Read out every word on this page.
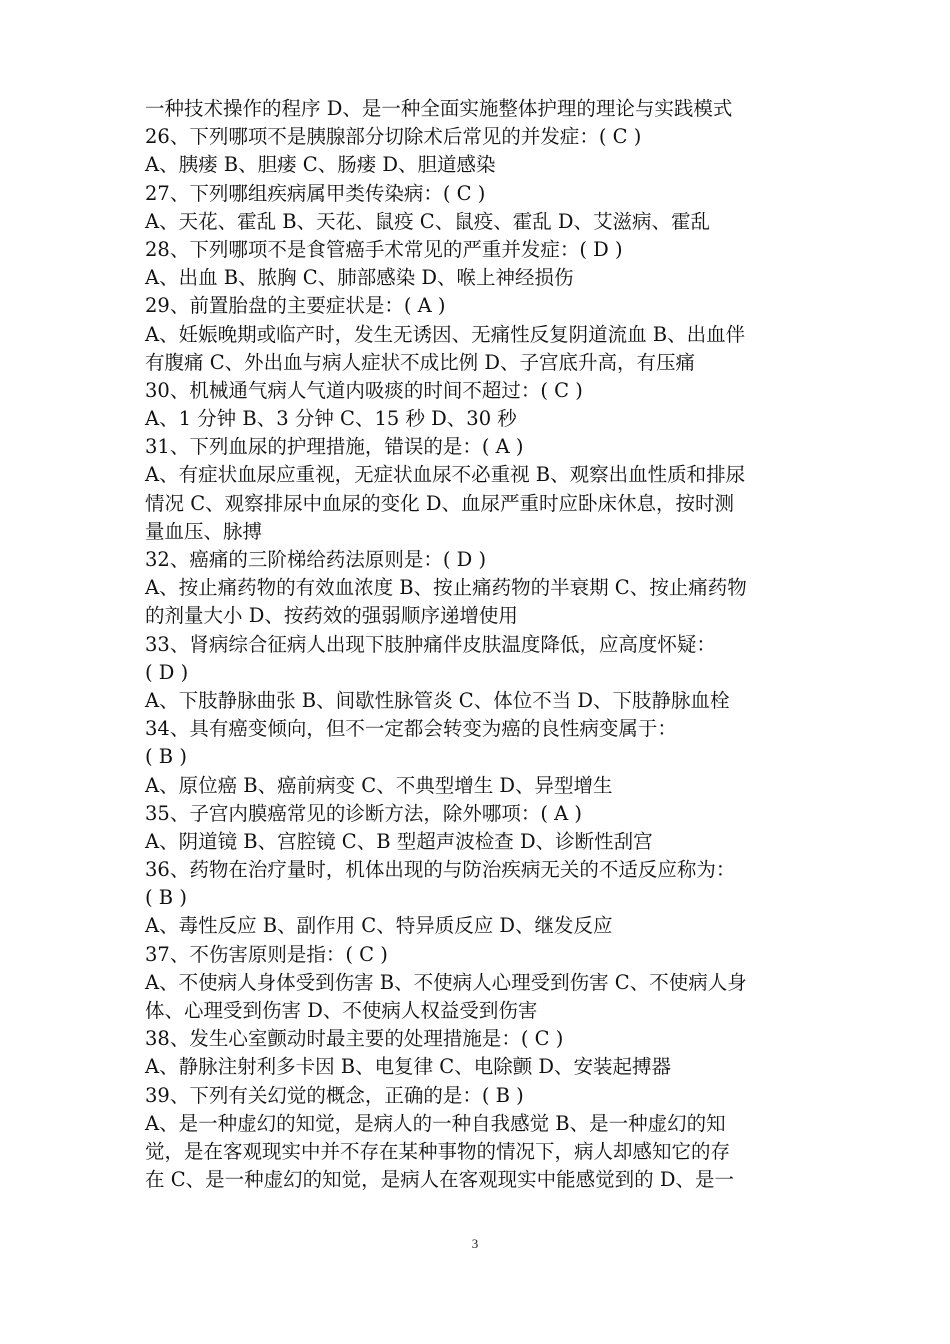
一种技术操作的程序 D、是一种全面实施整体护理的理论与实践模式
26、下列哪项不是胰腺部分切除术后常见的并发症：( C )
A、胰瘘 B、胆瘘 C、肠瘘 D、胆道感染
27、下列哪组疾病属甲类传染病：( C )
A、天花、霍乱 B、天花、鼠疫 C、鼠疫、霍乱 D、艾滋病、霍乱
28、下列哪项不是食管癌手术常见的严重并发症：( D )
A、出血 B、脓胸 C、肺部感染 D、喉上神经损伤
29、前置胎盘的主要症状是：( A )
A、妊娠晚期或临产时，发生无诱因、无痛性反复阴道流血 B、出血伴
有腹痛 C、外出血与病人症状不成比例 D、子宫底升高，有压痛
30、机械通气病人气道内吸痰的时间不超过：( C )
A、1 分钟 B、3 分钟 C、15 秒 D、30 秒
31、下列血尿的护理措施，错误的是：( A )
A、有症状血尿应重视，无症状血尿不必重视 B、观察出血性质和排尿
情况 C、观察排尿中血尿的变化 D、血尿严重时应卧床休息，按时测
量血压、脉搏
32、癌痛的三阶梯给药法原则是：( D )
A、按止痛药物的有效血浓度 B、按止痛药物的半衰期 C、按止痛药物
的剂量大小 D、按药效的强弱顺序递增使用
33、肾病综合征病人出现下肢肿痛伴皮肤温度降低，应高度怀疑：
( D )
A、下肢静脉曲张 B、间歇性脉管炎 C、体位不当 D、下肢静脉血栓
34、具有癌变倾向，但不一定都会转变为癌的良性病变属于：
( B )
A、原位癌 B、癌前病变 C、不典型增生 D、异型增生
35、子宫内膜癌常见的诊断方法，除外哪项：( A )
A、阴道镜 B、宫腔镜 C、B 型超声波检查 D、诊断性刮宫
36、药物在治疗量时，机体出现的与防治疾病无关的不适反应称为：
( B )
A、毒性反应 B、副作用 C、特异质反应 D、继发反应
37、不伤害原则是指：( C )
A、不使病人身体受到伤害 B、不使病人心理受到伤害 C、不使病人身
体、心理受到伤害 D、不使病人权益受到伤害
38、发生心室颤动时最主要的处理措施是：( C )
A、静脉注射利多卡因 B、电复律 C、电除颤 D、安装起搏器
39、下列有关幻觉的概念，正确的是：( B )
A、是一种虚幻的知觉，是病人的一种自我感觉 B、是一种虚幻的知
觉，是在客观现实中并不存在某种事物的情况下，病人却感知它的存
在 C、是一种虚幻的知觉，是病人在客观现实中能感觉到的 D、是一
3
